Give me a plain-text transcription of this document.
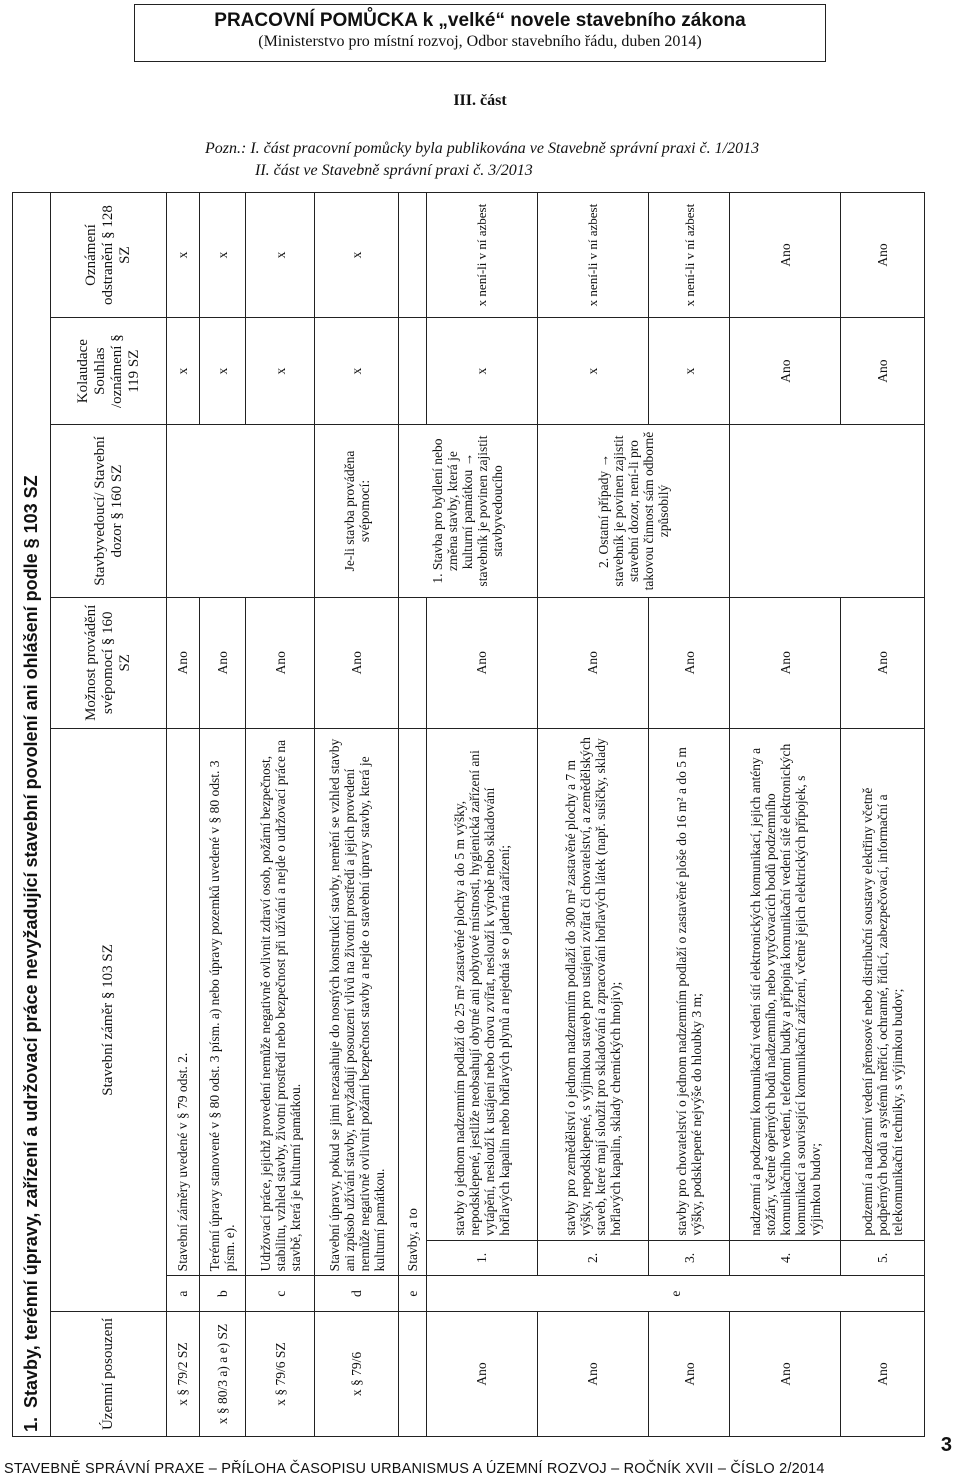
PRACOVNÍ POMŮCKA k „velké“ novele stavebního zákona
(Ministerstvo pro místní rozvoj, Odbor stavebního řádu, duben 2014)
III. část
Pozn.: I. část pracovní pomůcky byla publikována ve Stavebně správní praxi č. 1/2013
II. část ve Stavebně správní praxi č. 3/2013
1.Stavby, terénní úpravy, zařízení a udržovací práce nevyžadující stavební povolení ani ohlášení podle § 103 SZ							
Územní posouzení	Stavební záměr § 103 SZ			Možnost provádění svépomocí § 160 SZ	Stavbyvedoucí/ Stavební dozor § 160 SZ	Kolaudace Souhlas /oznámení § 119 SZ	Oznámení odstranění § 128 SZ
x § 79/2 SZ	a	Stavební záměry uvedené v § 79 odst. 2.		Ano		x	x
x § 80/3 a) a e) SZ	b	Terénní úpravy stanovené v § 80 odst. 3 písm. a) nebo úpravy pozemků uvedené v § 80 odst. 3 písm. e).		Ano		x	x
x § 79/6 SZ	c	Udržovací práce, jejichž provedení nemůže negativně ovlivnit zdraví osob, požární bezpečnost, stabilitu, vzhled stavby, životní prostředí nebo bezpečnost při užívání a nejde o udržovací práce na stavbě, která je kulturní památkou.		Ano		x	x
x § 79/6	d	Stavební úpravy, pokud se jimi nezasahuje do nosných konstrukcí stavby, nemění se vzhled stavby ani způsob užívání stavby, nevyžadují posouzení vlivů na životní prostředí a jejich provedení nemůže negativně ovlivnit požární bezpečnost stavby a nejde o stavební úpravy stavby, která je kulturní památkou.		Ano	Je-li stavba prováděna svépomocí:	x	x
	e	Stavby, a to			1. Stavba pro bydlení nebo změna stavby, která je kulturní památkou → stavebník je povinen zajistit stavbyvedoucího		
Ano	e	1.	stavby o jednom nadzemním podlaží do 25 m² zastavěné plochy a do 5 m výšky, nepodsklepené, jestliže neobsahují obytné ani pobytové místnosti, hygienická zařízení ani vytápění, neslouží k ustájení nebo chovu zvířat, neslouží k výrobě nebo skladování hořlavých kapalin nebo hořlavých plynů a nejedná se o jaderná zařízení;	Ano		x	x není-li v ní azbest
Ano		2.	stavby pro zemědělství o jednom nadzemním podlaží do 300 m² zastavěné plochy a 7 m výšky, nepodsklepené, s výjimkou staveb pro ustájení zvířat či chovatelství, a zemědělských staveb, které mají sloužit pro skladování a zpracování hořlavých látek (např. sušičky, sklady hořlavých kapalin, sklady chemických hnojiv);	Ano	2. Ostatní případy → stavebník je povinen zajistit stavební dozor, není-li pro takovou činnost sám odborně způsobilý	x	x není-li v ní azbest
Ano		3.	stavby pro chovatelství o jednom nadzemním podlaží o zastavěné ploše do 16 m² a do 5 m výšky, podsklepené nejvýše do hloubky 3 m;	Ano		x	x není-li v ní azbest
Ano		4.	nadzemní a podzemní komunikační vedení sítí elektronických komunikací, jejich antény a stožáry, včetně opěrných bodů nadzemního, nebo vytyčovacích bodů podzemního komunikačního vedení, telefonní budky a přípojná komunikační vedení sítě elektronických komunikací a související komunikační zařízení, včetně jejich elektrických přípojek, s výjimkou budov;	Ano		Ano	Ano
Ano		5.	podzemní a nadzemní vedení přenosové nebo distribuční soustavy elektřiny včetně podpěrných bodů a systémů měřicí, ochranné, řídicí, zabezpečovací, informační a telekomunikační techniky, s výjimkou budov;	Ano		Ano	Ano
3
STAVEBNĚ SPRÁVNÍ PRAXE – PŘÍLOHA ČASOPISU URBANISMUS A ÚZEMNÍ ROZVOJ – ROČNÍK XVII – ČÍSLO 2/2014
